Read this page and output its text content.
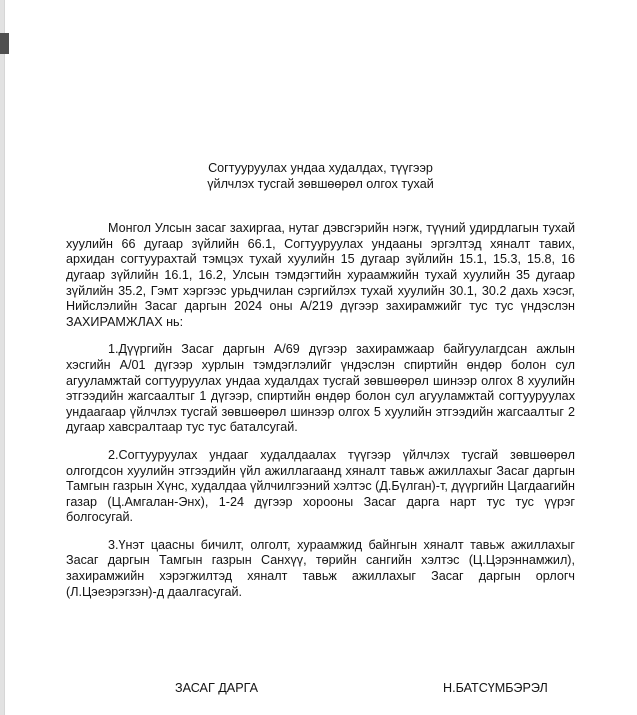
Согтууруулах ундаа худалдах, түүгээр
үйлчлэх тусгай зөвшөөрөл олгох тухай

Монгол Улсын засаг захиргаа, нутаг дэвсгэрийн нэгж, түүний удирдлагын тухай хуулийн 66 дугаар зүйлийн 66.1, Согтууруулах ундааны эргэлтэд хяналт тавих, архидан согтуурахтай тэмцэх тухай хуулийн 15 дугаар зүйлийн 15.1, 15.3, 15.8, 16 дугаар зүйлийн 16.1, 16.2, Улсын тэмдэгтийн хураамжийн тухай хуулийн 35 дугаар зүйлийн 35.2, Гэмт хэргээс урьдчилан сэргийлэх тухай хуулийн 30.1, 30.2 дахь хэсэг, Нийслэлийн Засаг даргын 2024 оны А/219 дүгээр захирамжийг тус тус үндэслэн ЗАХИРАМЖЛАХ нь:

1.Дүүргийн Засаг даргын А/69 дүгээр захирамжаар байгуулагдсан ажлын хэсгийн А/01 дүгээр хурлын тэмдэглэлийг үндэслэн спиртийн өндөр болон сул агууламжтай согтууруулах ундаа худалдах тусгай зөвшөөрөл шинээр олгох 8 хуулийн этгээдийн жагсаалтыг 1 дүгээр, спиртийн өндөр болон сул агууламжтай согтууруулах ундаагаар үйлчлэх тусгай зөвшөөрөл шинээр олгох 5 хуулийн этгээдийн жагсаалтыг 2 дугаар хавсралтаар тус тус баталсугай.

2.Согтууруулах ундааг худалдаалах түүгээр үйлчлэх тусгай зөвшөөрөл олгогдсон хуулийн этгээдийн үйл ажиллагаанд хяналт тавьж ажиллахыг Засаг даргын Тамгын газрын Хүнс, худалдаа үйлчилгээний хэлтэс (Д.Бүлган)-т, дүүргийн Цагдаагийн газар (Ц.Амгалан-Энх), 1-24 дүгээр хорооны Засаг дарга нарт тус тус үүрэг болгосугай.

3.Үнэт цаасны бичилт, олголт, хураамжид байнгын хяналт тавьж ажиллахыг Засаг даргын Тамгын газрын Санхүү, төрийн сангийн хэлтэс (Ц.Цэрэннамжил), захирамжийн хэрэгжилтэд хяналт тавьж ажиллахыг Засаг даргын орлогч (Л.Цэеэрэгзэн)-д даалгасугай.

ЗАСАГ ДАРГА	Н.БАТСҮМБЭРЭЛ
